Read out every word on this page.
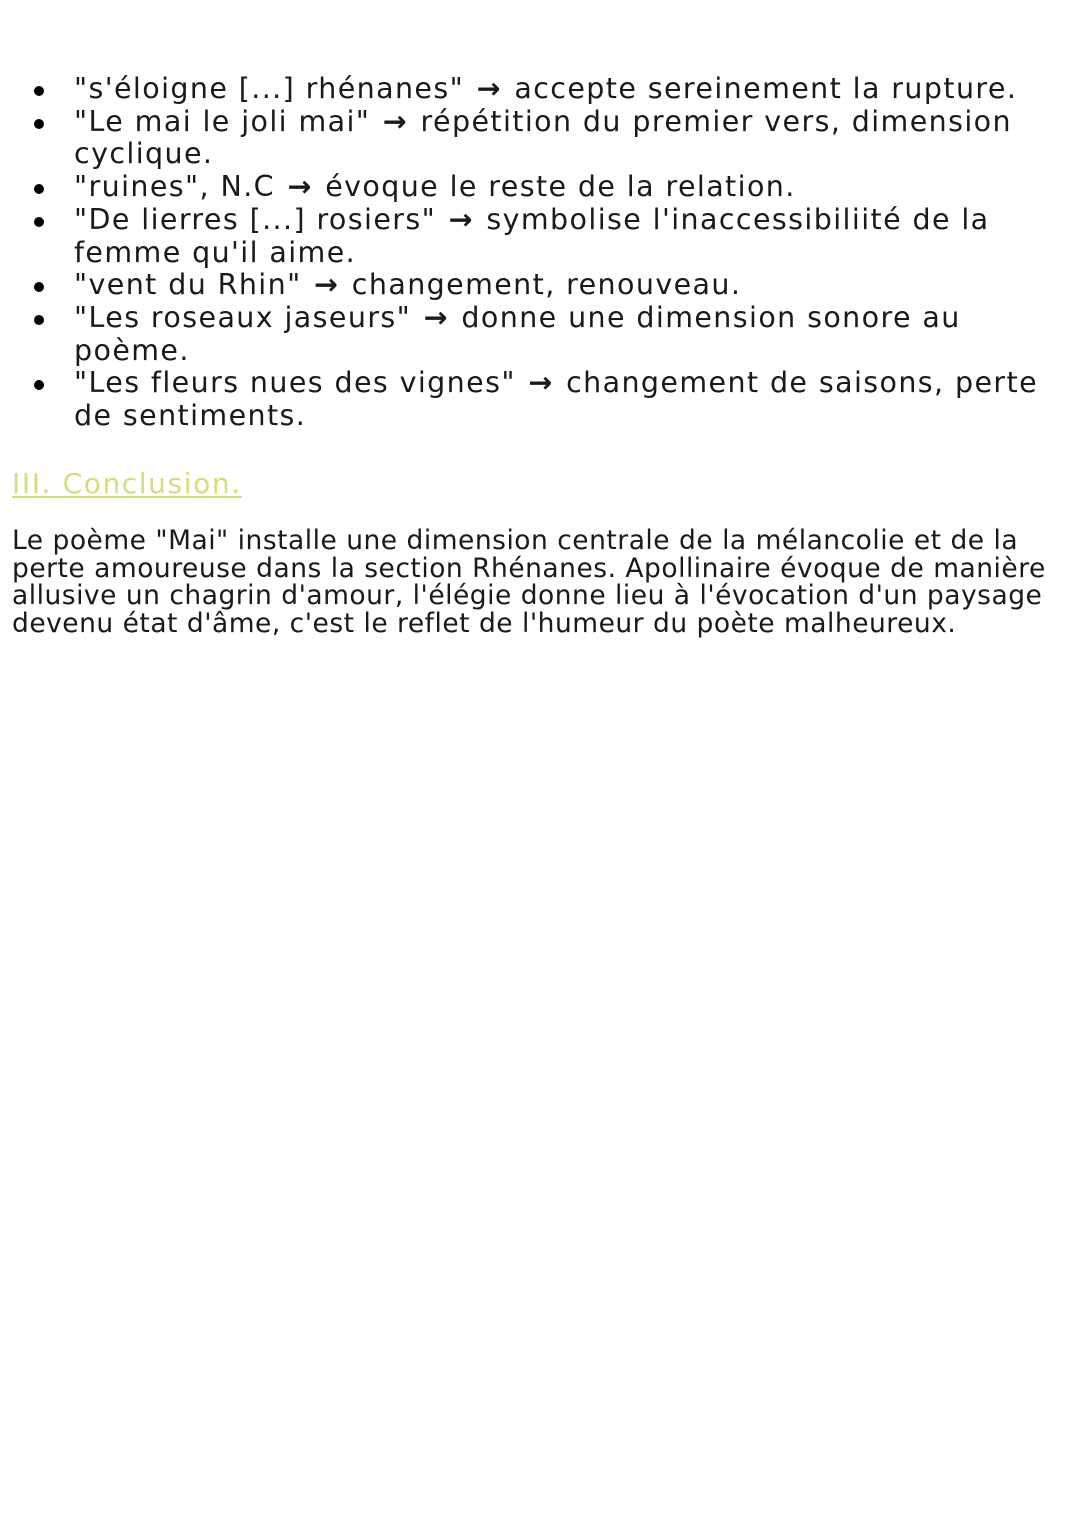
"s'éloigne [...] rhénanes" → accepte sereinement la rupture.
"Le mai le joli mai" → répétition du premier vers, dimension cyclique.
"ruines", N.C → évoque le reste de la relation.
"De lierres [...] rosiers" → symbolise l'inaccessibiliité de la femme qu'il aime.
"vent du Rhin" → changement, renouveau.
"Les roseaux jaseurs" → donne une dimension sonore au poème.
"Les fleurs nues des vignes" → changement de saisons, perte de sentiments.
III. Conclusion.

Le poème "Mai" installe une dimension centrale de la mélancolie et de la perte amoureuse dans la section Rhénanes. Apollinaire évoque de manière allusive un chagrin d'amour, l'élégie donne lieu à l'évocation d'un paysage devenu état d'âme, c'est le reflet de l'humeur du poète malheureux.
